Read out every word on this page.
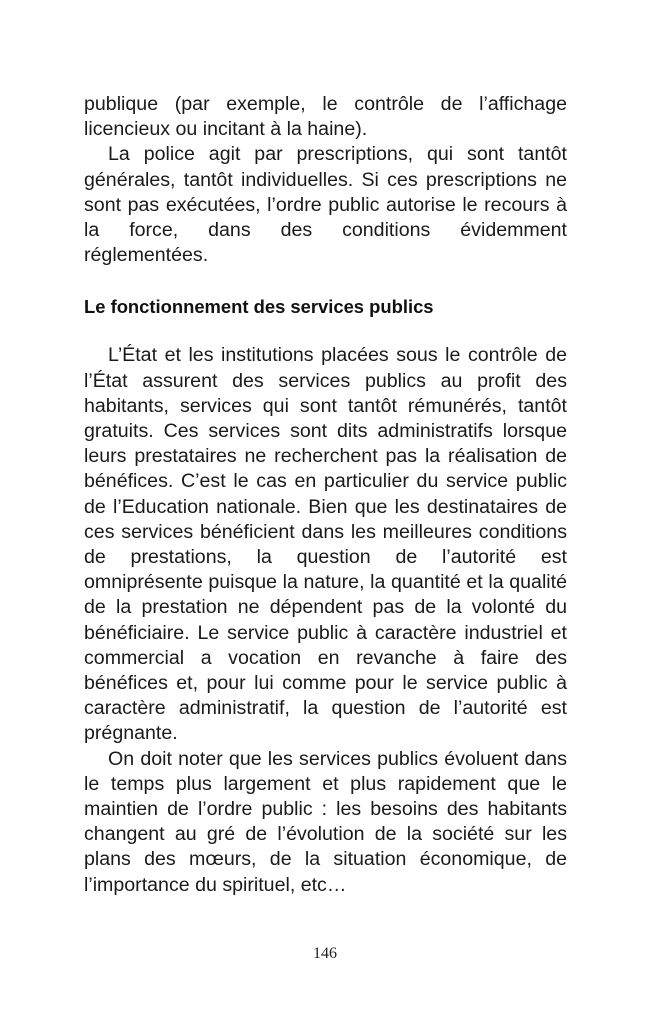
publique (par exemple, le contrôle de l’affichage licencieux ou incitant à la haine).

La police agit par prescriptions, qui sont tantôt générales, tantôt individuelles. Si ces prescriptions ne sont pas exécutées, l’ordre public autorise le recours à la force, dans des conditions évidemment réglementées.

Le fonctionnement des services publics

L’État et les institutions placées sous le contrôle de l’État assurent des services publics au profit des habitants, services qui sont tantôt rémunérés, tantôt gratuits. Ces services sont dits administratifs lorsque leurs prestataires ne recherchent pas la réalisation de bénéfices. C’est le cas en particulier du service public de l’Education nationale. Bien que les destinataires de ces services bénéficient dans les meilleures conditions de prestations, la question de l’autorité est omniprésente puisque la nature, la quantité et la qualité de la prestation ne dépendent pas de la volonté du bénéficiaire. Le service public à caractère industriel et commercial a vocation en revanche à faire des bénéfices et, pour lui comme pour le service public à caractère administratif, la question de l’autorité est prégnante.

On doit noter que les services publics évoluent dans le temps plus largement et plus rapidement que le maintien de l’ordre public : les besoins des habitants changent au gré de l’évolution de la société sur les plans des mœurs, de la situation économique, de l’importance du spirituel, etc…

146
